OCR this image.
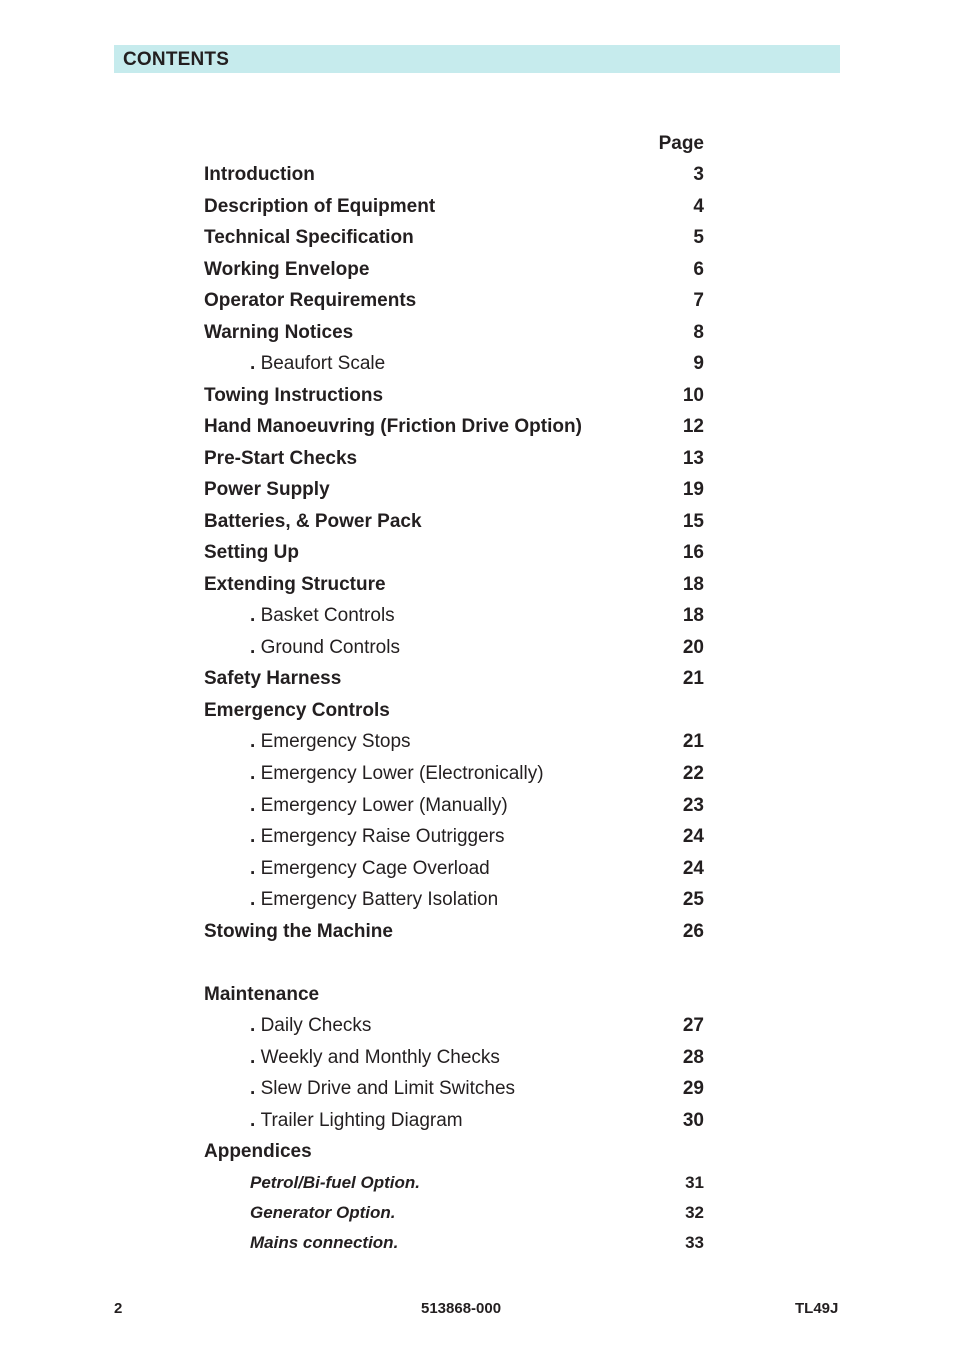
CONTENTS
Page
Introduction	3
Description of Equipment	4
Technical Specification	5
Working Envelope	6
Operator Requirements	7
Warning Notices	8
. Beaufort Scale	9
Towing Instructions	10
Hand Manoeuvring (Friction Drive Option)	12
Pre-Start Checks	13
Power Supply	19
Batteries, & Power Pack	15
Setting Up	16
Extending Structure	18
. Basket Controls	18
. Ground Controls	20
Safety Harness	21
Emergency Controls
. Emergency Stops	21
. Emergency Lower (Electronically)	22
. Emergency Lower (Manually)	23
. Emergency Raise Outriggers	24
. Emergency Cage Overload	24
. Emergency Battery Isolation	25
Stowing the Machine	26
Maintenance
. Daily Checks	27
. Weekly and Monthly Checks	28
. Slew Drive and Limit Switches	29
. Trailer Lighting Diagram	30
Appendices
Petrol/Bi-fuel Option.	31
Generator Option.	32
Mains connection.	33
2	513868-000	TL49J
